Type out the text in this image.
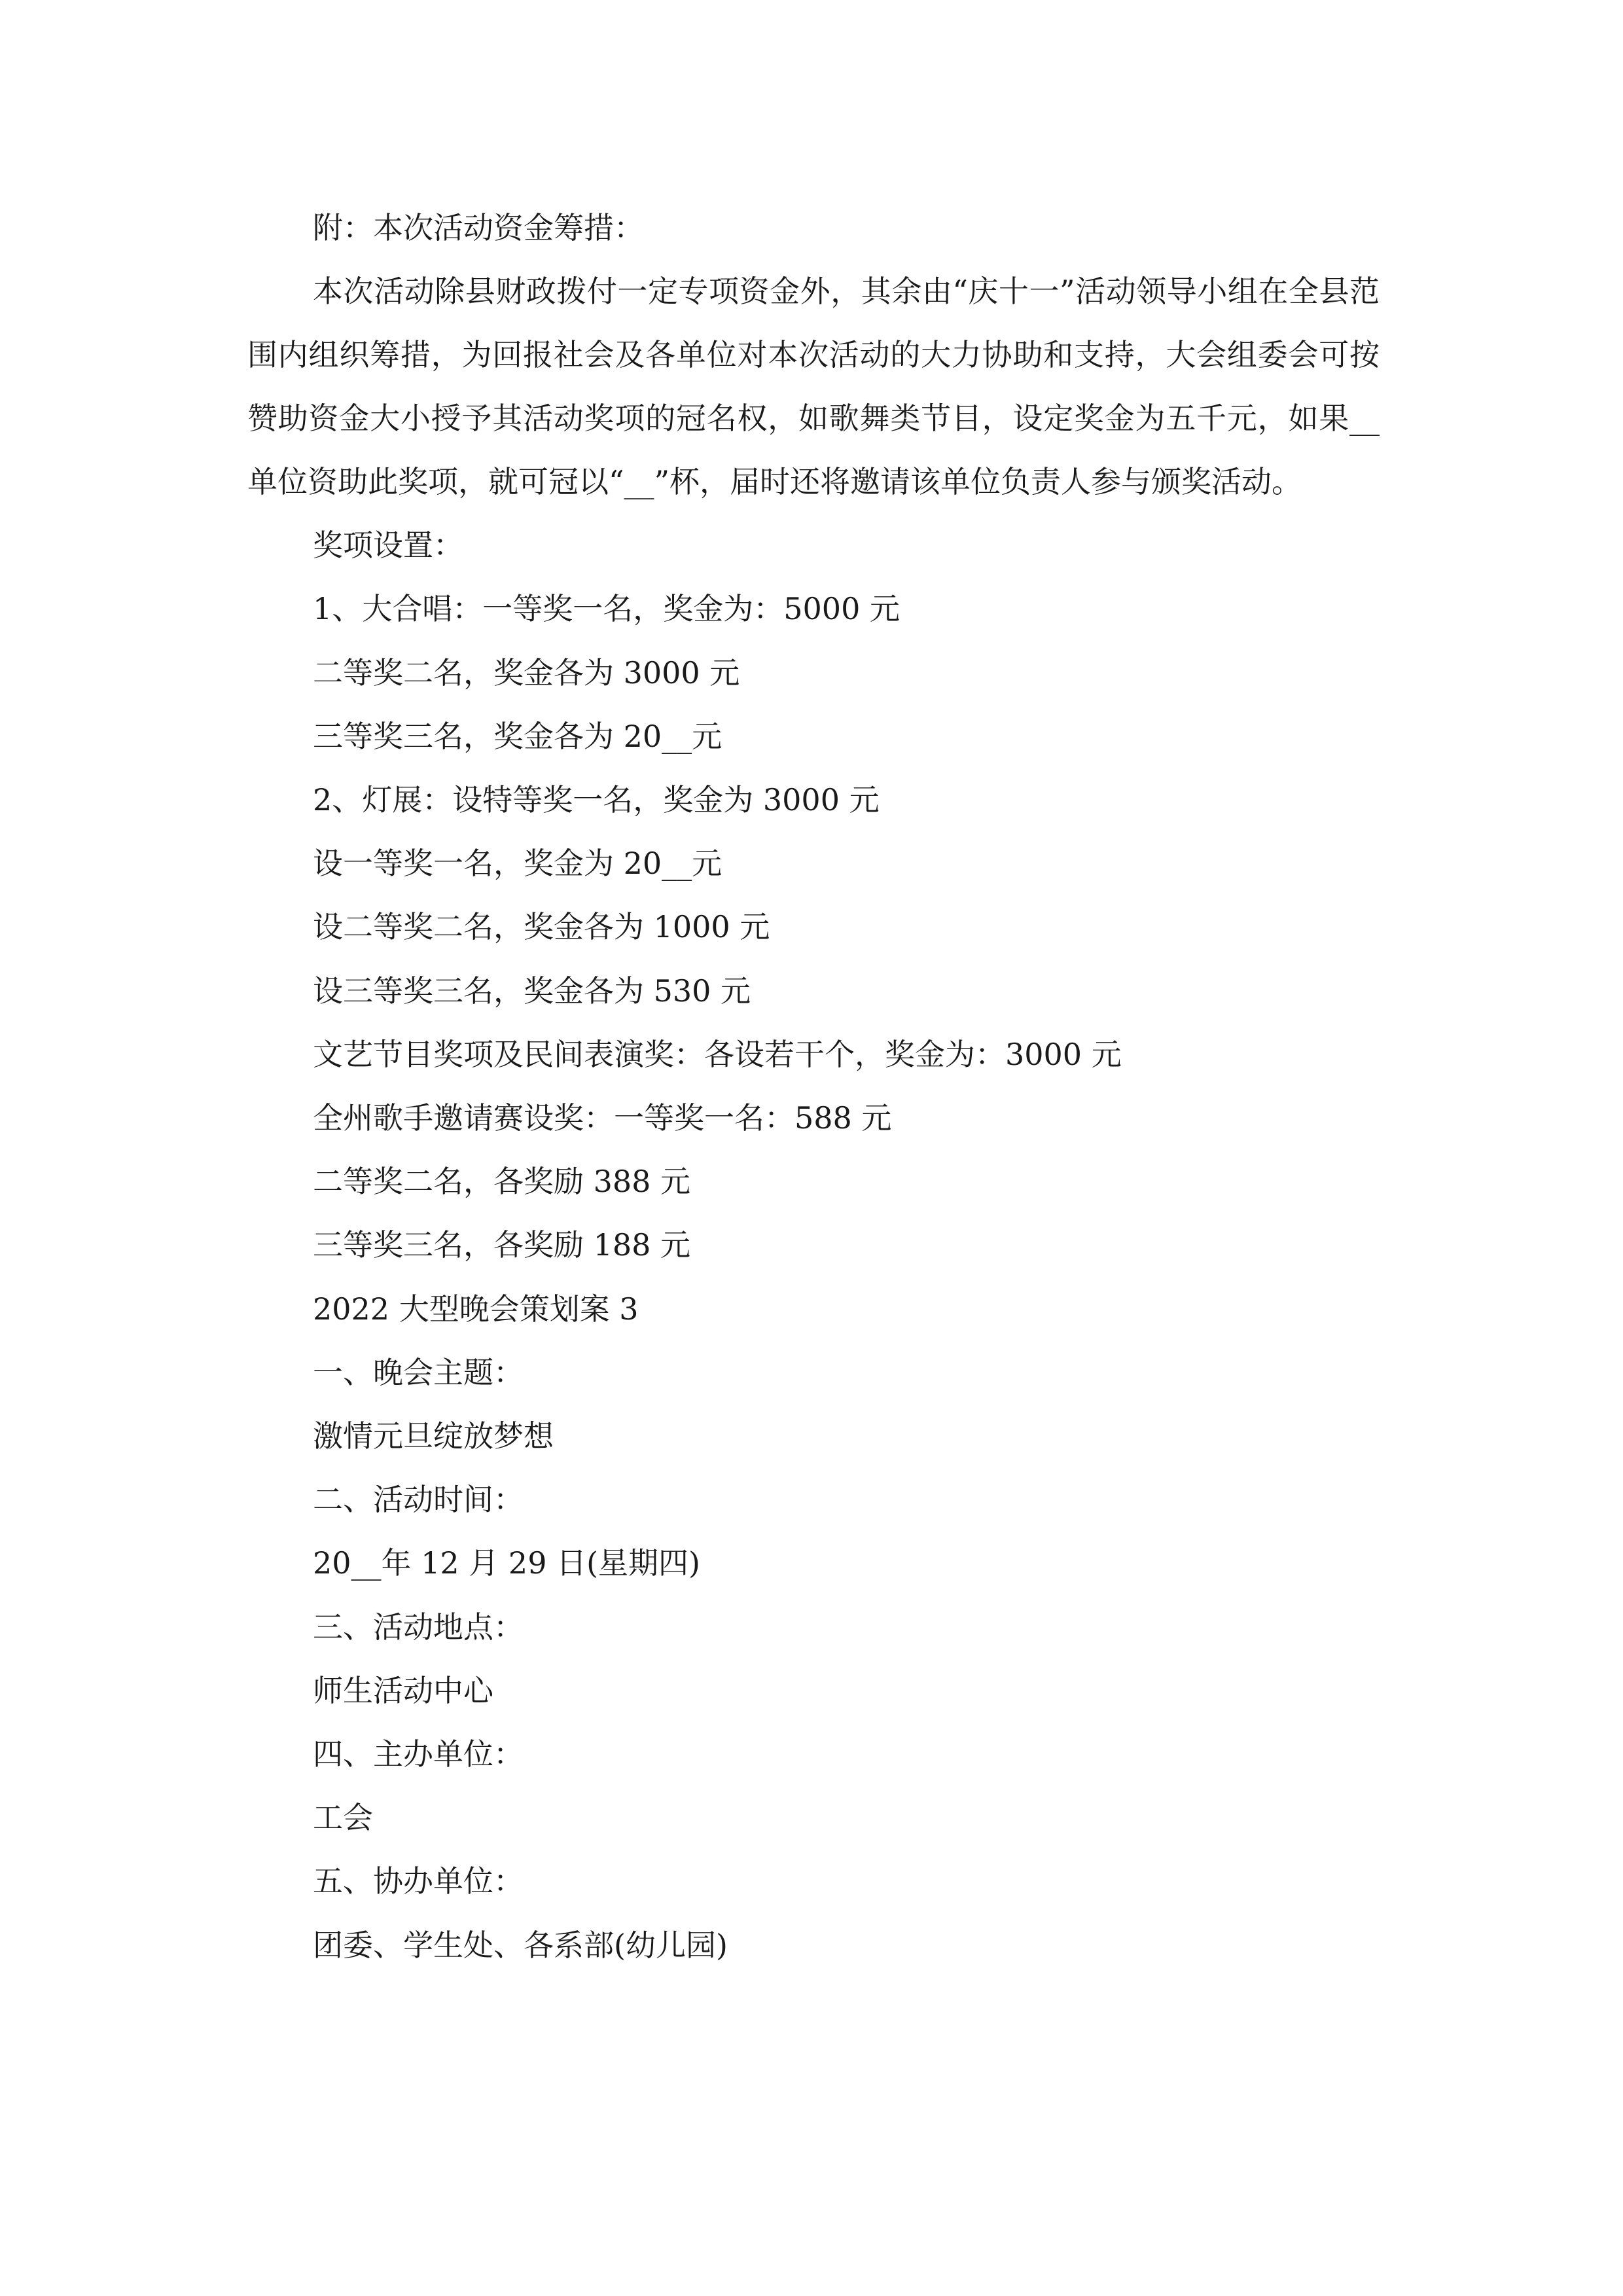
附：本次活动资金筹措：

本次活动除县财政拨付一定专项资金外，其余由“庆十一”活动领导小组在全县范围内组织筹措，为回报社会及各单位对本次活动的大力协助和支持，大会组委会可按赞助资金大小授予其活动奖项的冠名权，如歌舞类节目，设定奖金为五千元，如果__单位资助此奖项，就可冠以“__”杯，届时还将邀请该单位负责人参与颁奖活动。

奖项设置：

1、大合唱：一等奖一名，奖金为：5000 元

二等奖二名，奖金各为 3000 元

三等奖三名，奖金各为 20__元

2、灯展：设特等奖一名，奖金为 3000 元

设一等奖一名，奖金为 20__元

设二等奖二名，奖金各为 1000 元

设三等奖三名，奖金各为 530 元

文艺节目奖项及民间表演奖：各设若干个，奖金为：3000 元

全州歌手邀请赛设奖：一等奖一名：588 元

二等奖二名，各奖励 388 元

三等奖三名，各奖励 188 元

2022 大型晚会策划案 3

一、晚会主题：

激情元旦绽放梦想

二、活动时间：

20__年 12 月 29 日(星期四)

三、活动地点：

师生活动中心

四、主办单位：

工会

五、协办单位：

团委、学生处、各系部(幼儿园)
